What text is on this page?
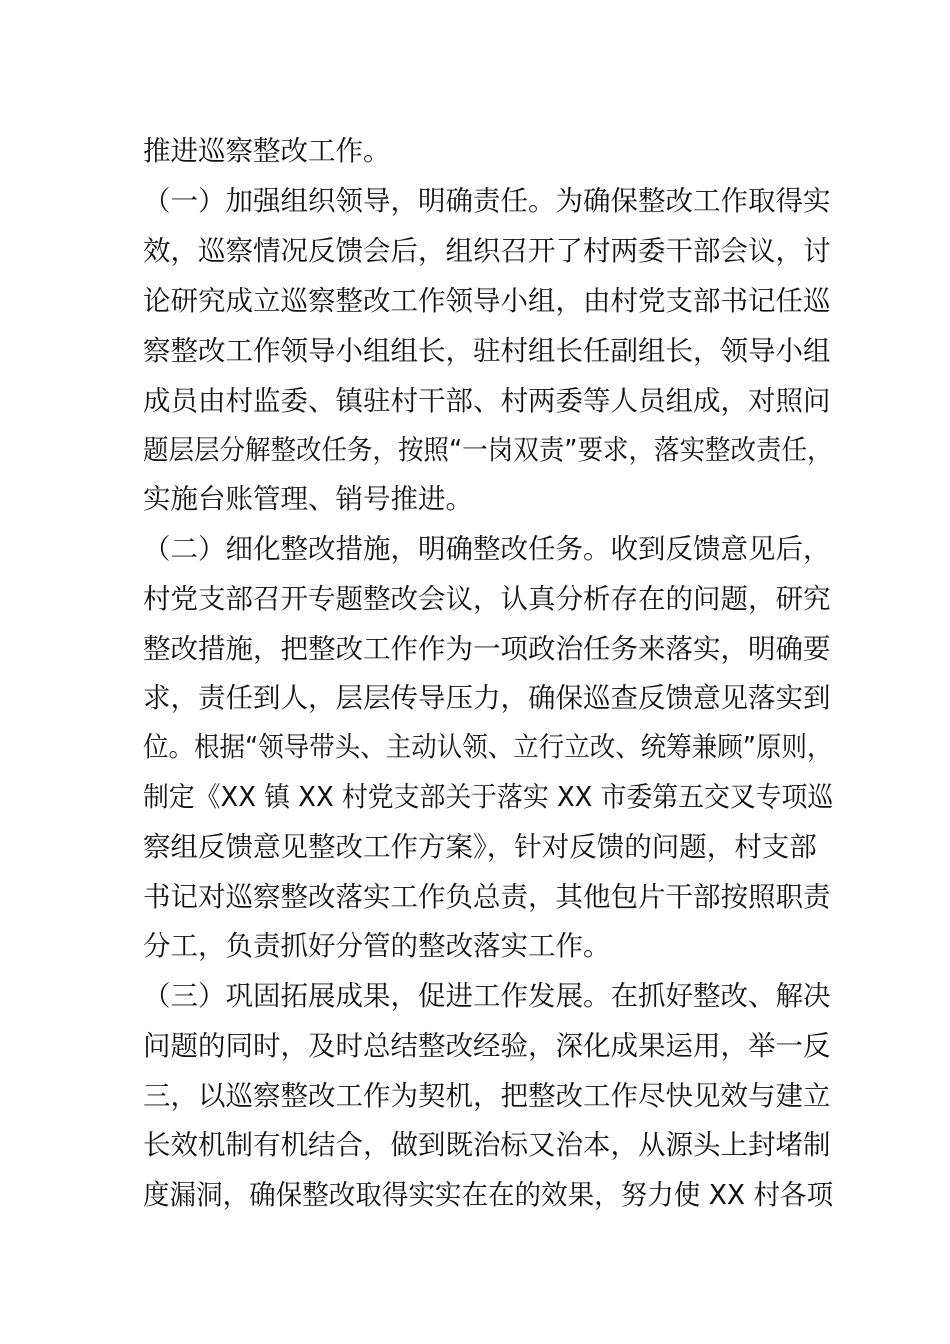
推进巡察整改工作。
（一）加强组织领导，明确责任。为确保整改工作取得实
效，巡察情况反馈会后，组织召开了村两委干部会议，讨
论研究成立巡察整改工作领导小组，由村党支部书记任巡
察整改工作领导小组组长，驻村组长任副组长，领导小组
成员由村监委、镇驻村干部、村两委等人员组成，对照问
题层层分解整改任务，按照“一岗双责”要求，落实整改责任，
实施台账管理、销号推进。
（二）细化整改措施，明确整改任务。收到反馈意见后，
村党支部召开专题整改会议，认真分析存在的问题，研究
整改措施，把整改工作作为一项政治任务来落实，明确要
求，责任到人，层层传导压力，确保巡查反馈意见落实到
位。根据“领导带头、主动认领、立行立改、统筹兼顾”原则，
制定《XX 镇 XX 村党支部关于落实 XX 市委第五交叉专项巡
察组反馈意见整改工作方案》，针对反馈的问题，村支部
书记对巡察整改落实工作负总责，其他包片干部按照职责
分工，负责抓好分管的整改落实工作。
（三）巩固拓展成果，促进工作发展。在抓好整改、解决
问题的同时，及时总结整改经验，深化成果运用，举一反
三，以巡察整改工作为契机，把整改工作尽快见效与建立
长效机制有机结合，做到既治标又治本，从源头上封堵制
度漏洞，确保整改取得实实在在的效果，努力使 XX 村各项
